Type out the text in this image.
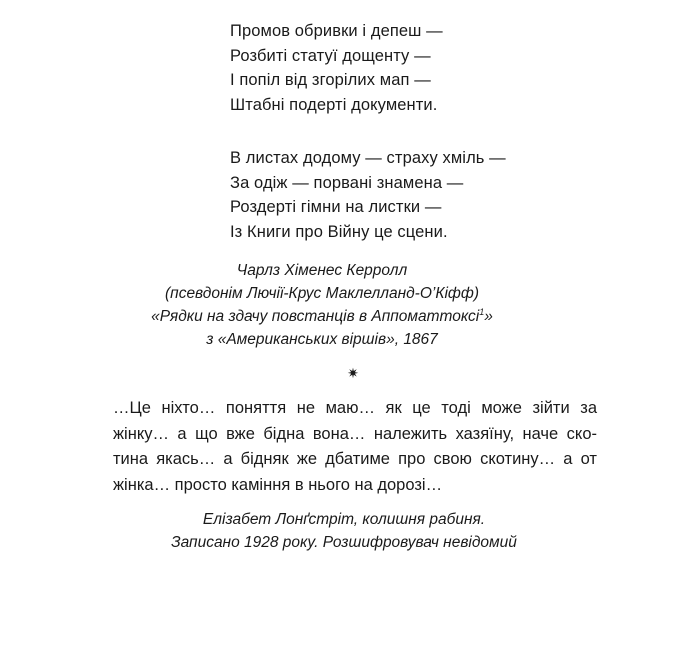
Промов обривки і депеш —
Розбиті статуї дощенту —
І попіл від згорілих мап —
Штабні подерті документи.
В листах додому — страху хміль —
За одіж — порвані знамена —
Роздерті гімни на листки —
Із Книги про Війну це сцени.
Чарлз Хіменес Керролл
(псевдонім Лючії-Крус Маклелланд-О’Кіфф)
«Рядки на здачу повстанців в Аппоматтоксі$^1$»
з «Американських віршів», 1867
✷
…Це ніхто… поняття не маю… як це тоді може зійти за
жінку… а що вже бідна вона… належить хазяїну, наче ско-
тина якась… а бідняк же дбатиме про свою скотину… а от
жінка… просто каміння в нього на дорозі…
Елізабет Лонґстріт, колишня рабиня.
Записано 1928 року. Розшифровувач невідомий
